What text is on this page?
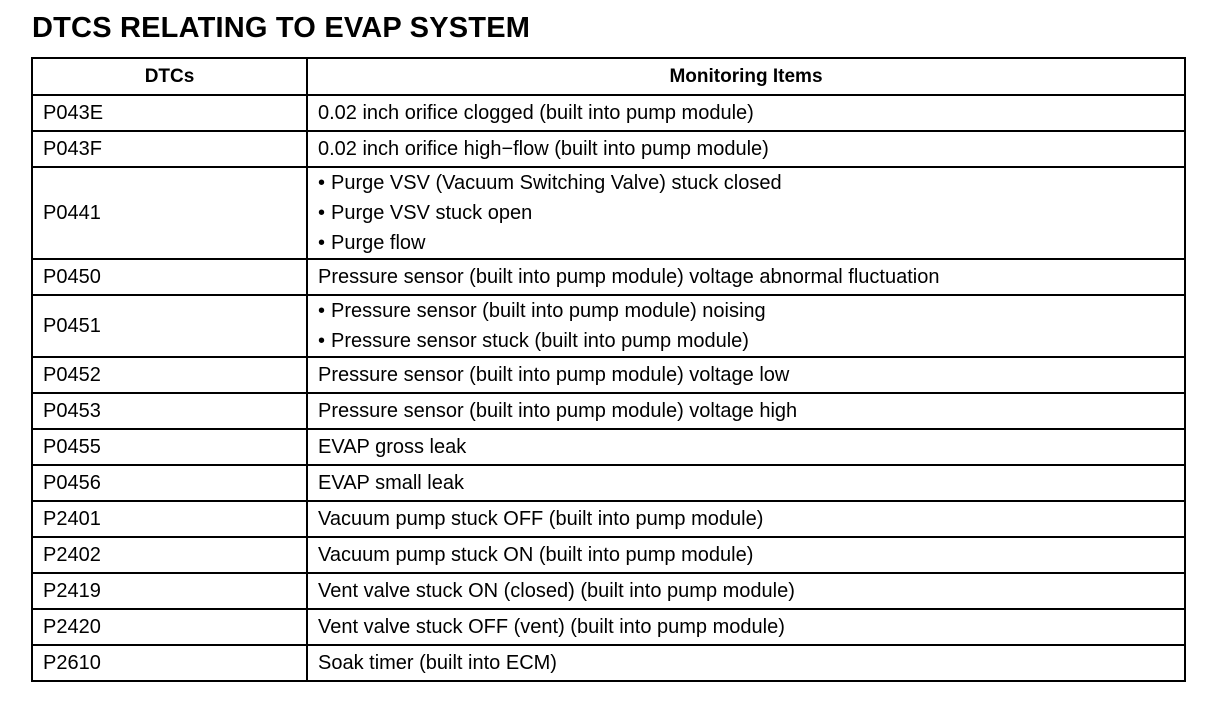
DTCS RELATING TO EVAP SYSTEM
DTCs	Monitoring Items
P043E	0.02 inch orifice clogged (built into pump module)
P043F	0.02 inch orifice high−flow (built into pump module)
P0441	• Purge VSV (Vacuum Switching Valve) stuck closed
• Purge VSV stuck open
• Purge flow

P0450	Pressure sensor (built into pump module) voltage abnormal fluctuation
P0451	• Pressure sensor (built into pump module) noising
• Pressure sensor stuck (built into pump module)

P0452	Pressure sensor (built into pump module) voltage low
P0453	Pressure sensor (built into pump module) voltage high
P0455	EVAP gross leak
P0456	EVAP small leak
P2401	Vacuum pump stuck OFF (built into pump module)
P2402	Vacuum pump stuck ON (built into pump module)
P2419	Vent valve stuck ON (closed) (built into pump module)
P2420	Vent valve stuck OFF (vent) (built into pump module)
P2610	Soak timer (built into ECM)
